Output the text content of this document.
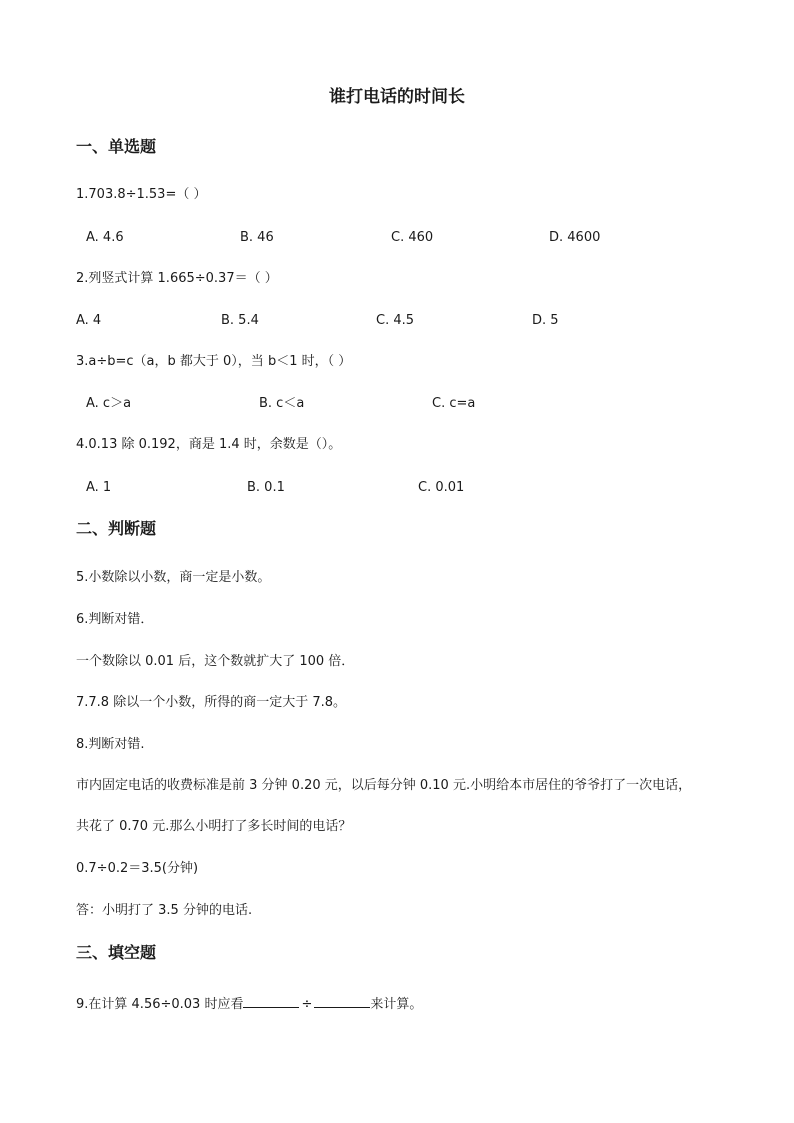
谁打电话的时间长
一、单选题
1.703.8÷1.53=（ ）
A. 4.6	B. 46	C. 460	D. 4600
2.列竖式计算 1.665÷0.37＝（ ）
A. 4	B. 5.4	C. 4.5	D. 5
3.a÷b=c（a，b 都大于 0），当 b＜1 时，（ ）
A. c＞a	B. c＜a	C. c=a
4.0.13 除 0.192，商是 1.4 时，余数是（）。
A. 1	B. 0.1	C. 0.01
二、判断题
5.小数除以小数，商一定是小数。
6.判断对错．
一个数除以 0.01 后，这个数就扩大了 100 倍．
7.7.8 除以一个小数，所得的商一定大于 7.8。
8.判断对错.
市内固定电话的收费标准是前 3 分钟 0.20 元，以后每分钟 0.10 元.小明给本市居住的爷爷打了一次电话，
共花了 0.70 元.那么小明打了多长时间的电话？
0.7÷0.2＝3.5(分钟)
答：小明打了 3.5 分钟的电话.
三、填空题
9.在计算 4.56÷0.03 时应看	÷	来计算。
